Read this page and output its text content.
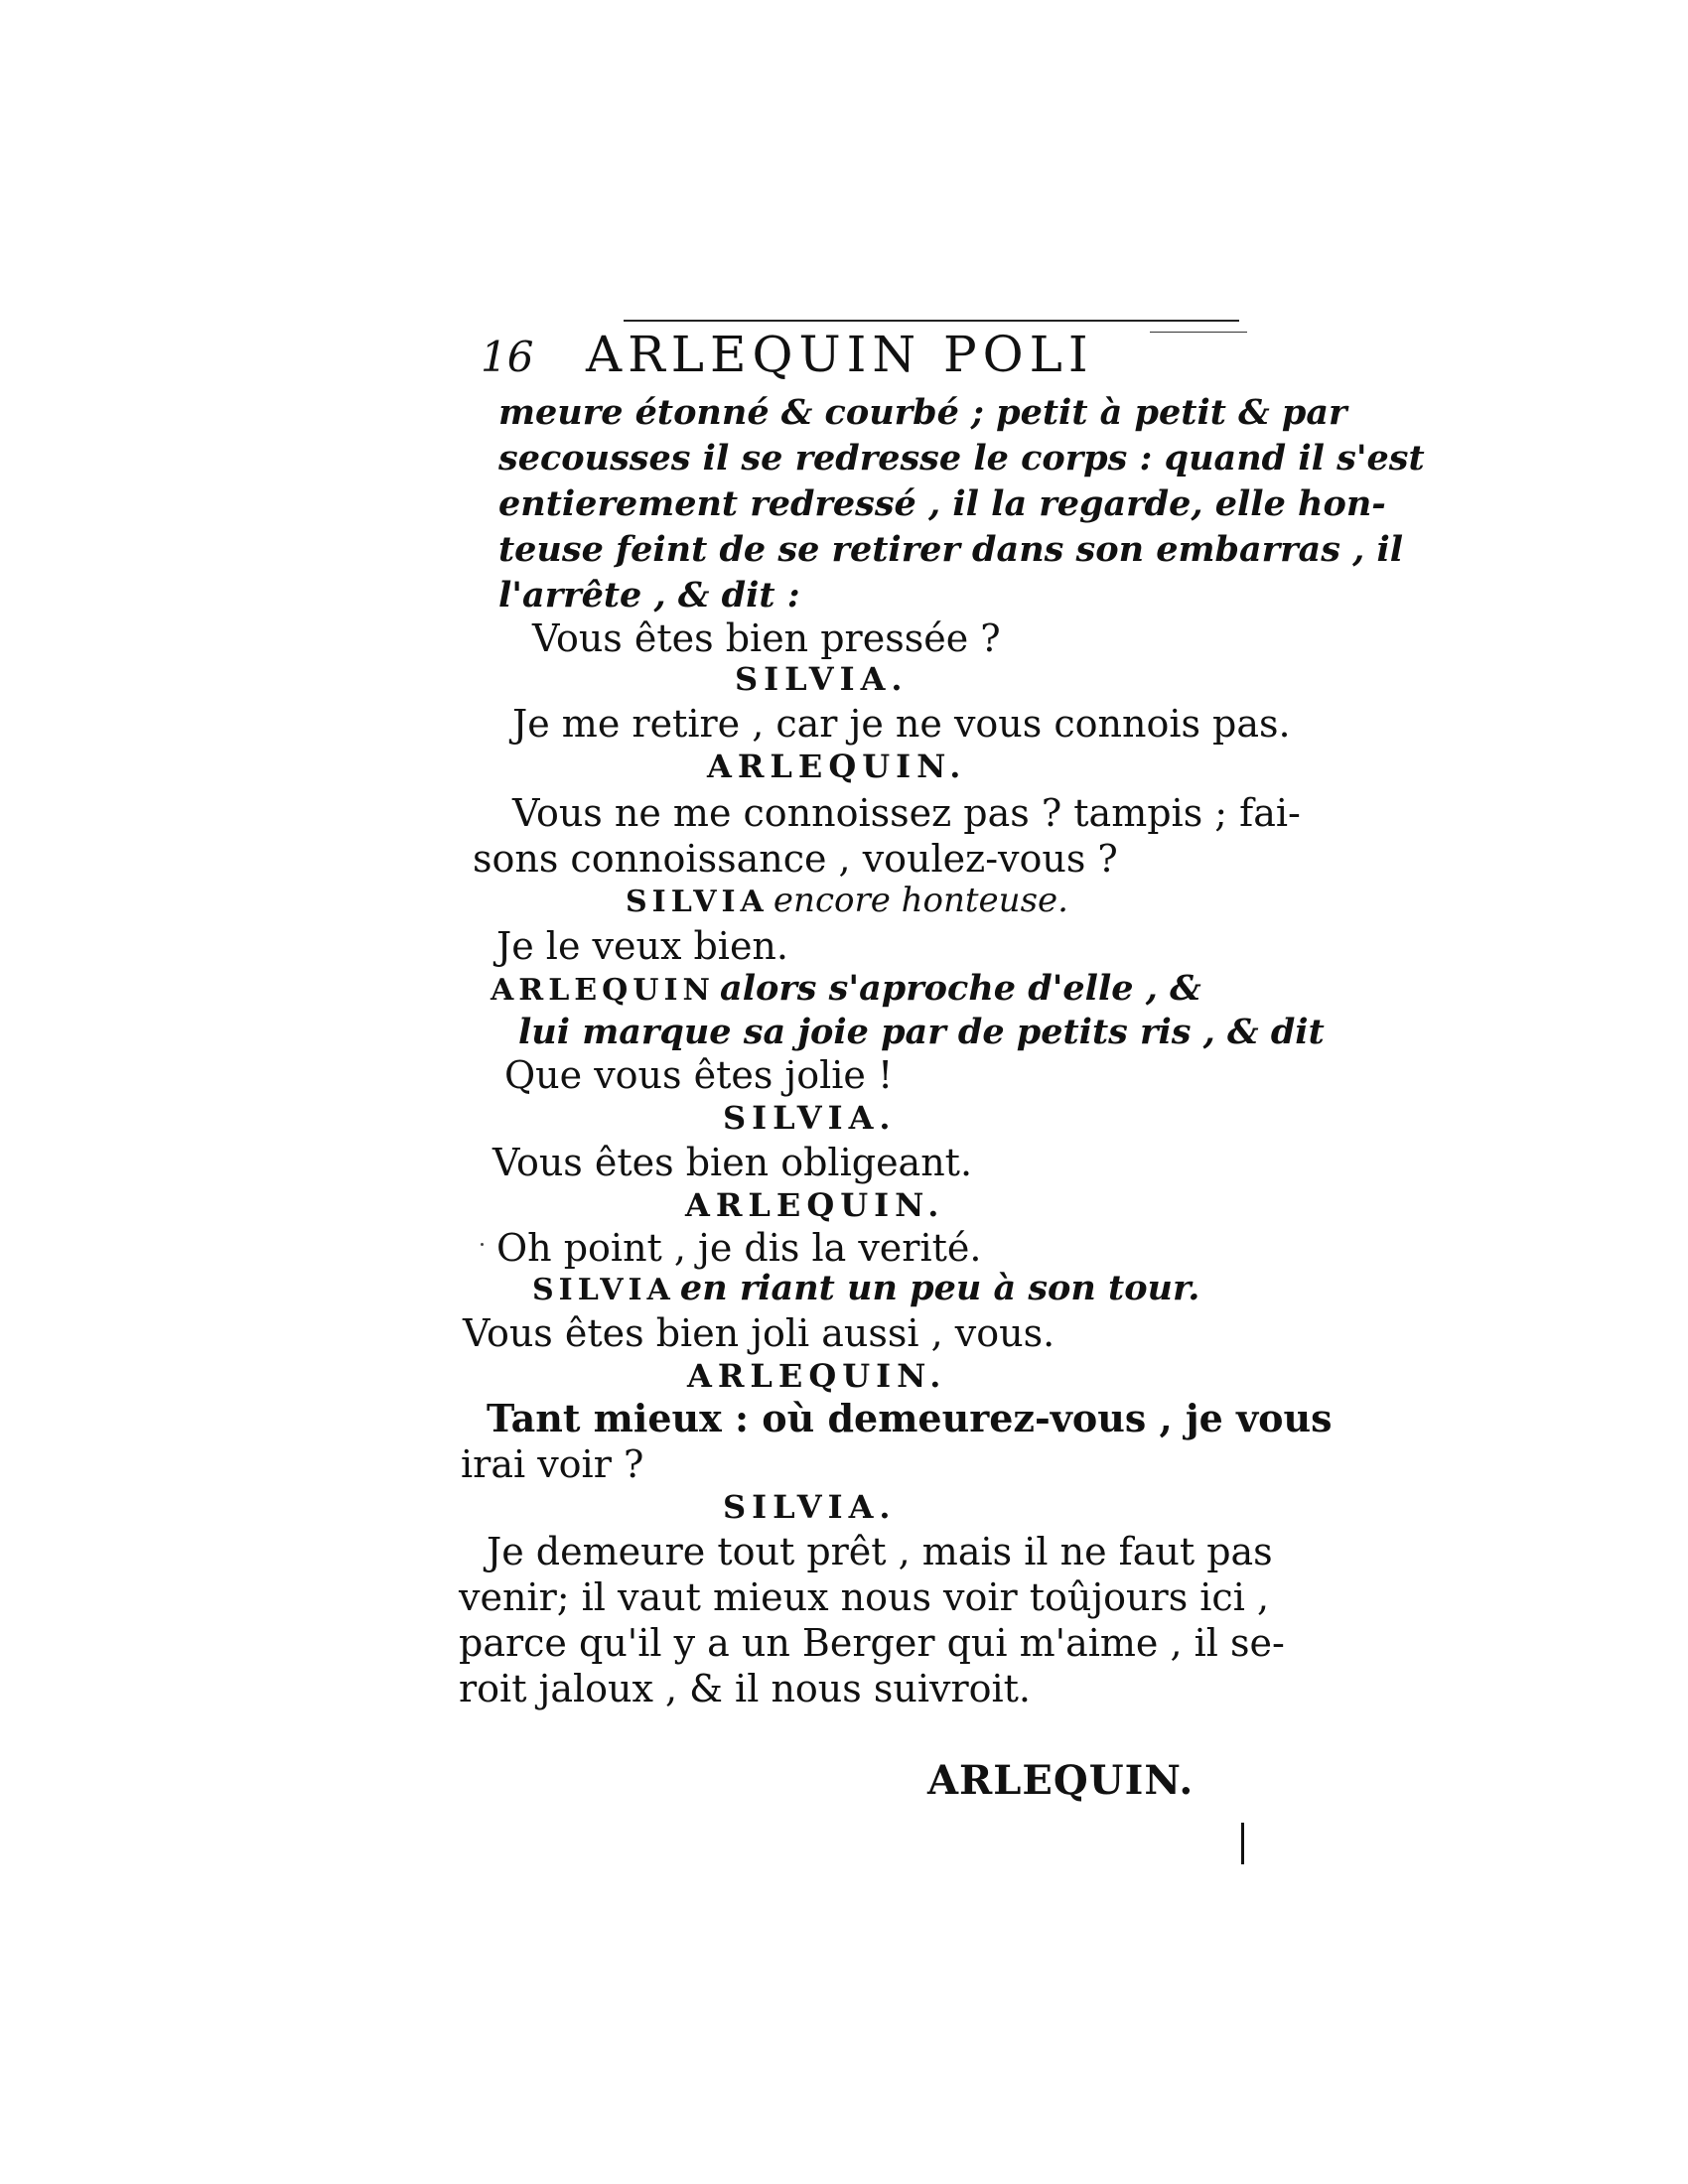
16 ARLEQUIN POLI
meure étonné & courbé ; petit à petit & par
secousses il se redresse le corps : quand il s'est
entierement redressé , il la regarde, elle hon-
teuse feint de se retirer dans son embarras , il
l'arrête , & dit :
Vous êtes bien pressée ?
SILVIA.
Je me retire , car je ne vous connois pas.
ARLEQUIN.
Vous ne me connoissez pas ? tampis ; fai-
sons connoissance , voulez-vous ?
SILVIA encore honteuse.
Je le veux bien.
ARLEQUIN alors s'aproche d'elle , &
lui marque sa joie par de petits ris , & dit
Que vous êtes jolie !
SILVIA.
Vous êtes bien obligeant.
ARLEQUIN.
Oh point , je dis la verité.
SILVIA en riant un peu à son tour.
Vous êtes bien joli aussi , vous.
ARLEQUIN.
Tant mieux : où demeurez-vous , je vous
irai voir ?
SILVIA.
Je demeure tout prêt , mais il ne faut pas
venir; il vaut mieux nous voir toûjours ici ,
parce qu'il y a un Berger qui m'aime , il se-
roit jaloux , & il nous suivroit.
ARLEQUIN.
